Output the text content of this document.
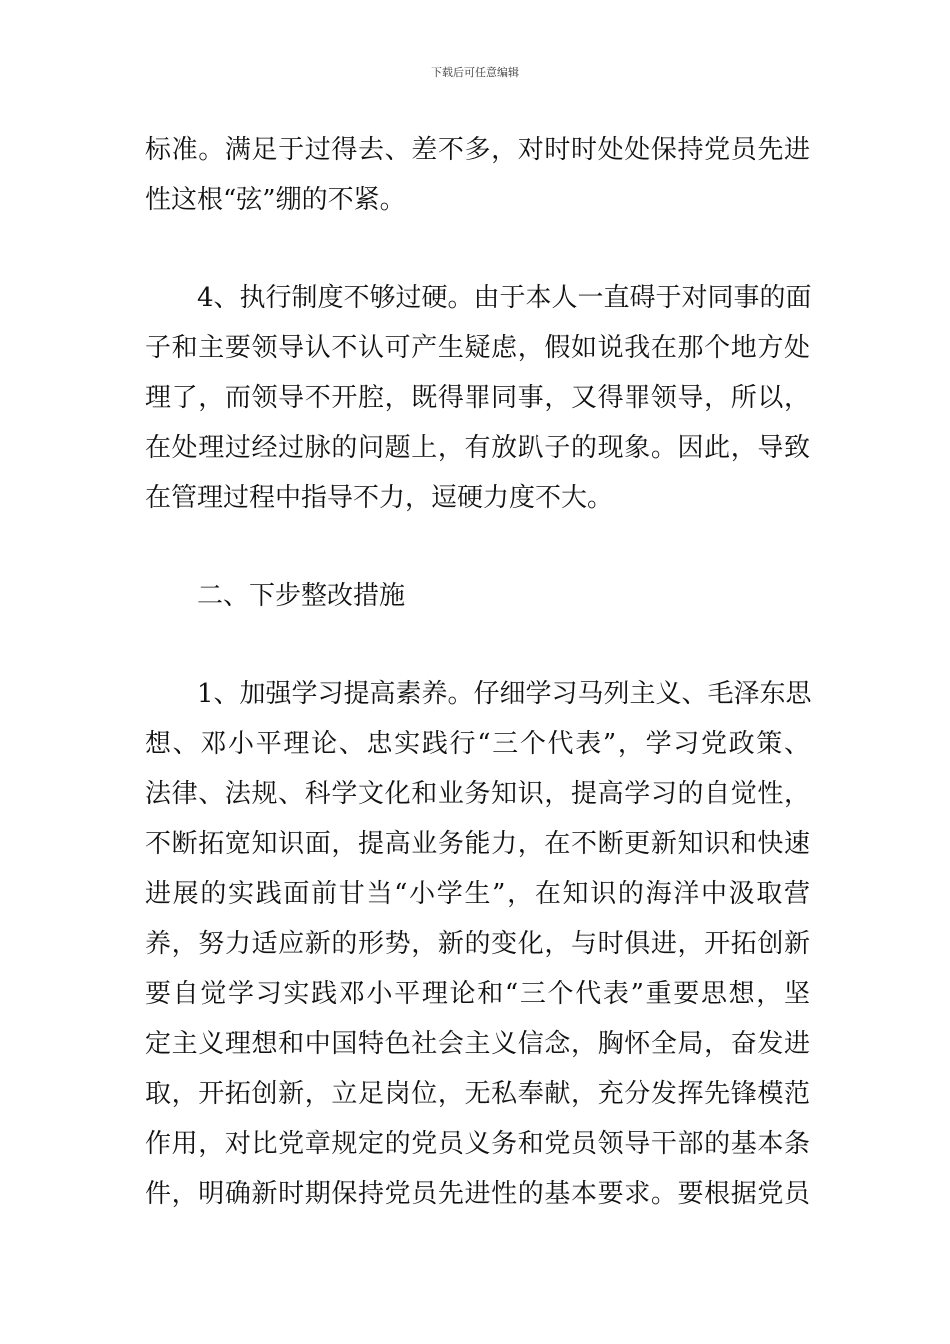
下载后可任意编辑
标准。满足于过得去、差不多，对时时处处保持党员先进
性这根“弦”绷的不紧。
4、执行制度不够过硬。由于本人一直碍于对同事的面
子和主要领导认不认可产生疑虑，假如说我在那个地方处
理了，而领导不开腔，既得罪同事，又得罪领导，所以，
在处理过经过脉的问题上，有放趴子的现象。因此，导致
在管理过程中指导不力，逗硬力度不大。
二、下步整改措施
1、加强学习提高素养。仔细学习马列主义、毛泽东思
想、邓小平理论、忠实践行“三个代表”，学习党政策、
法律、法规、科学文化和业务知识，提高学习的自觉性，
不断拓宽知识面，提高业务能力，在不断更新知识和快速
进展的实践面前甘当“小学生”，在知识的海洋中汲取营
养，努力适应新的形势，新的变化，与时俱进，开拓创新
要自觉学习实践邓小平理论和“三个代表”重要思想，坚
定主义理想和中国特色社会主义信念，胸怀全局，奋发进
取，开拓创新，立足岗位，无私奉献，充分发挥先锋模范
作用，对比党章规定的党员义务和党员领导干部的基本条
件，明确新时期保持党员先进性的基本要求。要根据党员
